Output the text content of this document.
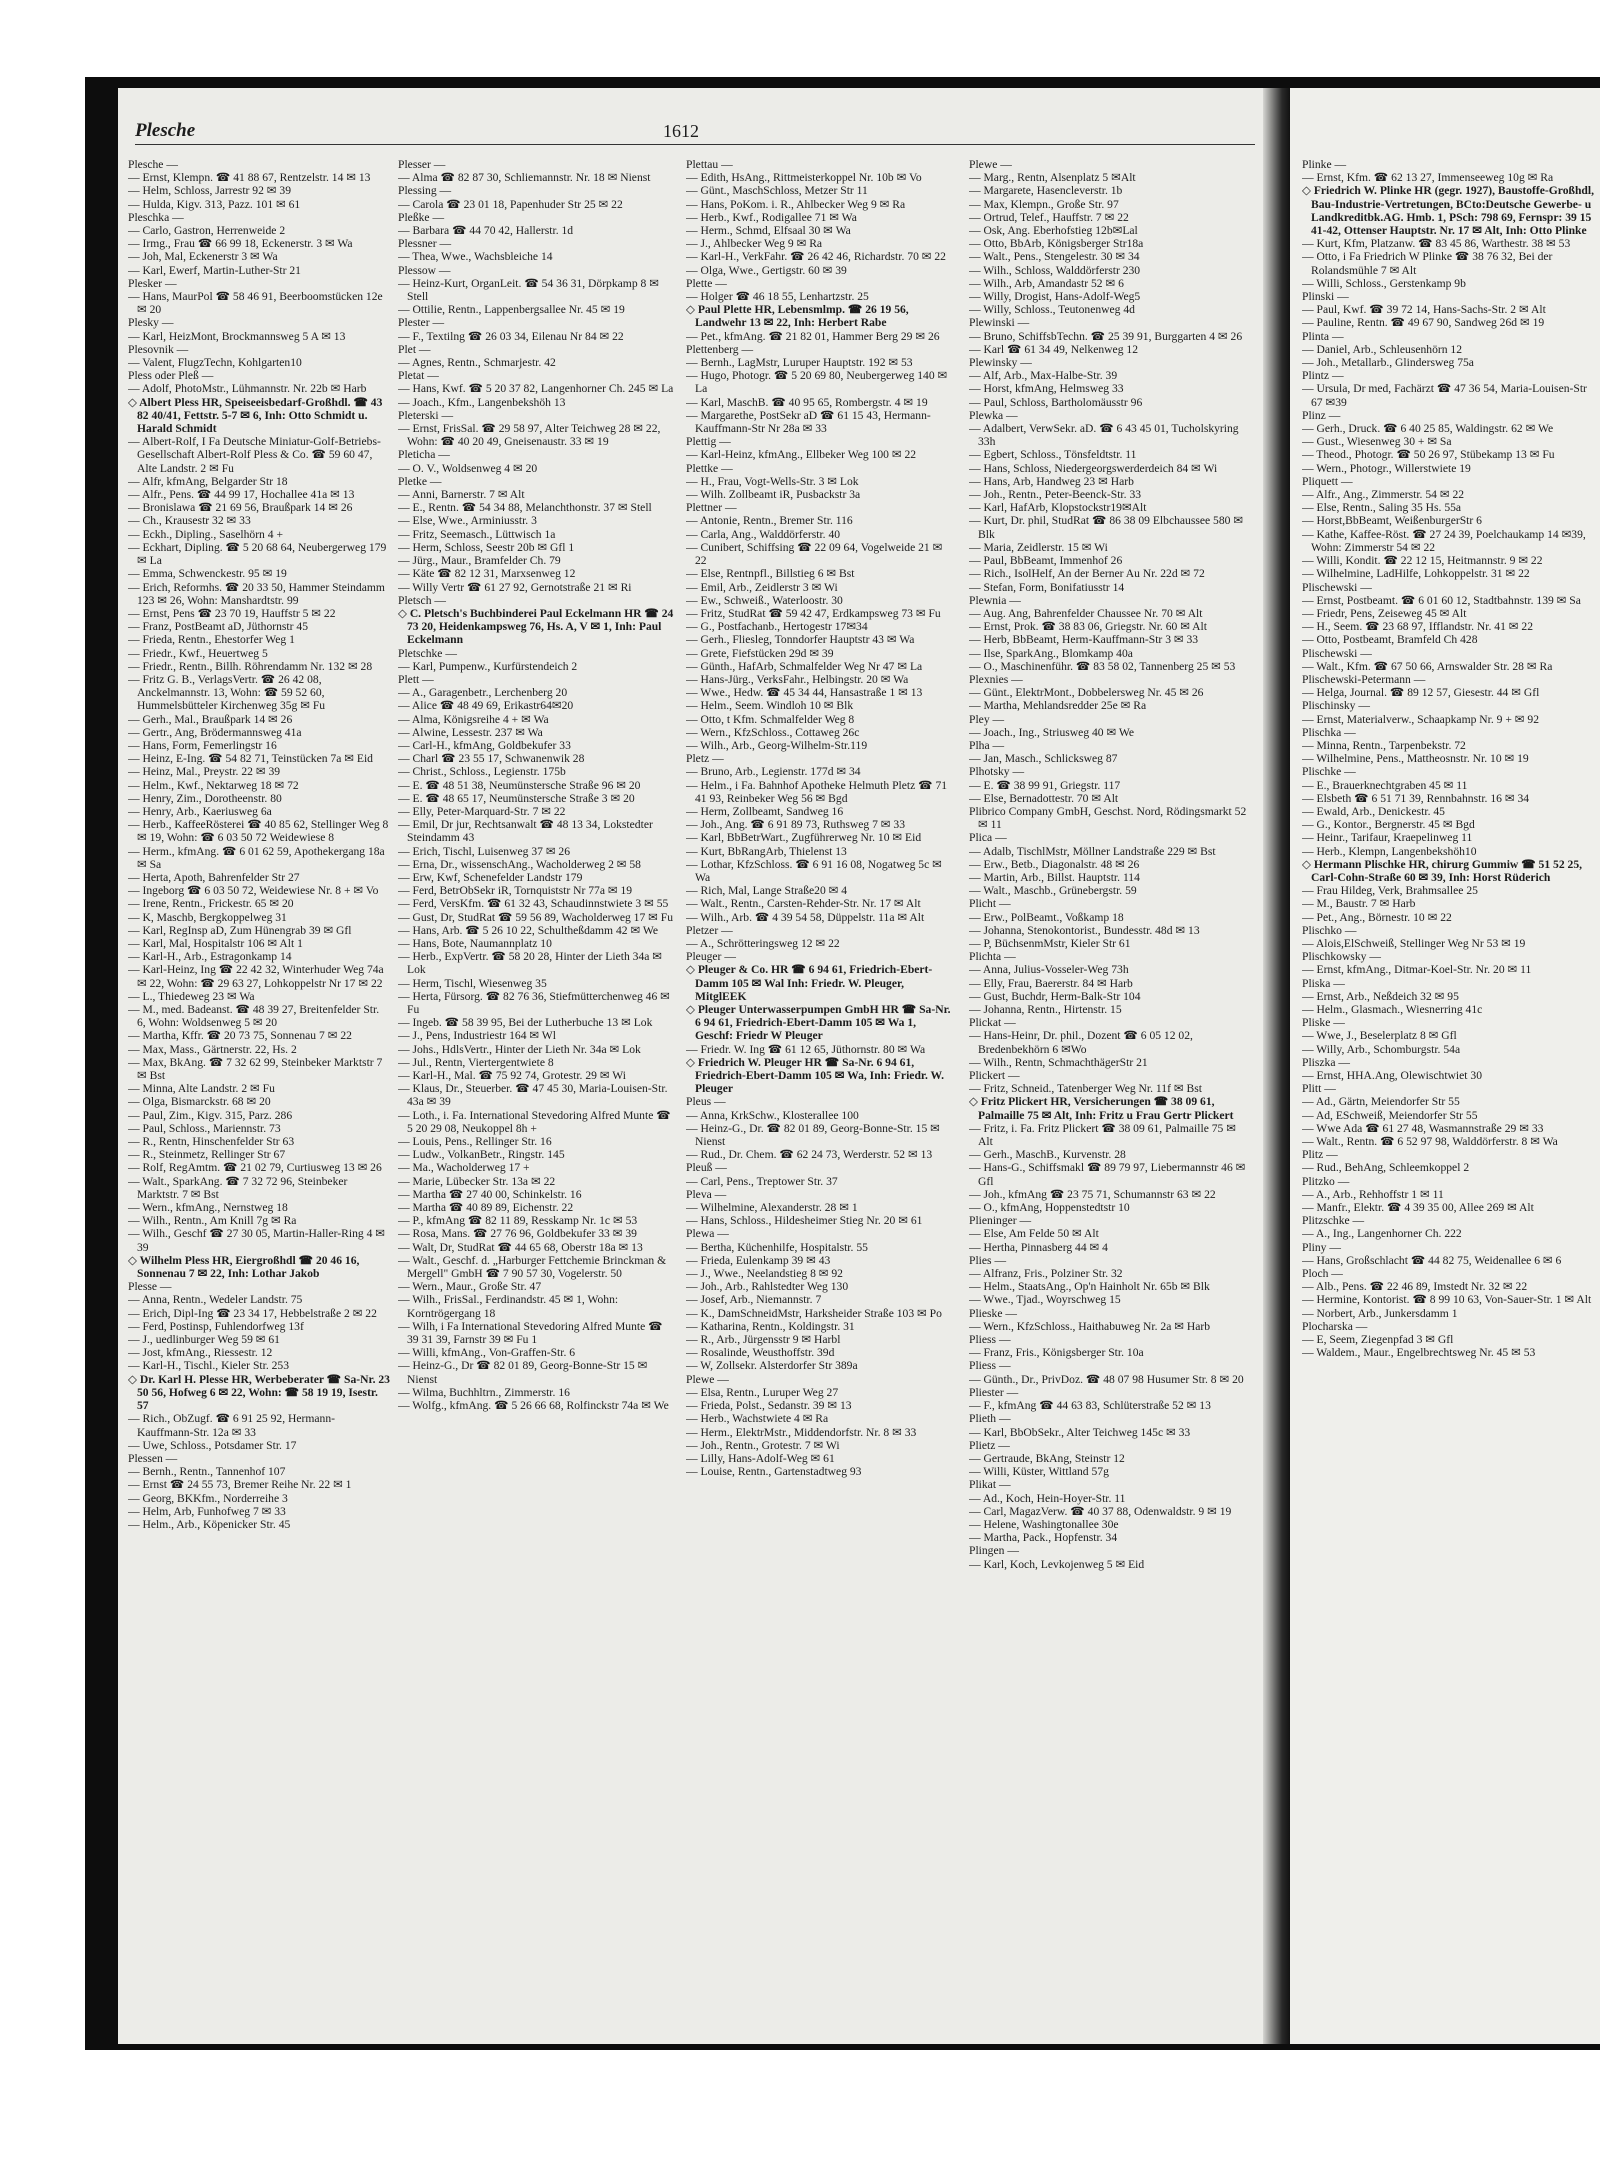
Plesche	1612
Plesche —
— Ernst, Klempn. ☎ 41 88 67, Rentzelstr. 14 ✉ 13
— Helm, Schloss, Jarrestr 92 ✉ 39
— Hulda, Kigv. 313, Pazz. 101 ✉ 61
Pleschka —
— Carlo, Gastron, Herrenweide 2
— Irmg., Frau ☎ 66 99 18, Eckenerstr. 3 ✉ Wa
— Joh, Mal, Eckenerstr 3 ✉ Wa
— Karl, Ewerf, Martin-Luther-Str 21
Plesker —
— Hans, MaurPol ☎ 58 46 91, Beerboomstücken 12e ✉ 20
Plesky —
— Karl, HeizMont, Brockmannsweg 5 A ✉ 13
Plesovnik —
— Valent, FlugzTechn, Kohlgarten10
Pless oder Pleß —
— Adolf, PhotoMstr., Lühmannstr. Nr. 22b ✉ Harb
◇ Albert Pless HR, Speiseeisbedarf-Großhdl. ☎ 43 82 40/41, Fettstr. 5-7 ✉ 6, Inh: Otto Schmidt u. Harald Schmidt
— Albert-Rolf, I Fa Deutsche Miniatur-Golf-Betriebs-Gesellschaft Albert-Rolf Pless & Co. ☎ 59 60 47, Alte Landstr. 2 ✉ Fu
— Alfr, kfmAng, Belgarder Str 18
— Alfr., Pens. ☎ 44 99 17, Hochallee 41a ✉ 13
— Bronislawa ☎ 21 69 56, Braußpark 14 ✉ 26
— Ch., Krausestr 32 ✉ 33
— Eckh., Dipling., Saselhörn 4 +
— Eckhart, Dipling. ☎ 5 20 68 64, Neubergerweg 179 ✉ La
— Emma, Schwenckestr. 95 ✉ 19
— Erich, Reformhs. ☎ 20 33 50, Hammer Steindamm 123 ✉ 26, Wohn: Manshardtstr. 99
— Ernst, Pens ☎ 23 70 19, Hauffstr 5 ✉ 22
— Franz, PostBeamt aD, Jüthornstr 45
— Frieda, Rentn., Ehestorfer Weg 1
— Friedr., Kwf., Heuertweg 5
— Friedr., Rentn., Billh. Röhrendamm Nr. 132 ✉ 28
— Fritz G. B., VerlagsVertr. ☎ 26 42 08, Anckelmannstr. 13, Wohn: ☎ 59 52 60, Hummelsbütteler Kirchenweg 35g ✉ Fu
— Gerh., Mal., Braußpark 14 ✉ 26
— Gertr., Ang, Brödermannsweg 41a
— Hans, Form, Femerlingstr 16
— Heinz, E-Ing. ☎ 54 82 71, Teinstücken 7a ✉ Eid
— Heinz, Mal., Preystr. 22 ✉ 39
— Helm., Kwf., Nektarweg 18 ✉ 72
— Henry, Zim., Dorotheenstr. 80
— Henry, Arb., Kaeriusweg 6a
— Herb., KaffeeRösterei ☎ 40 85 62, Stellinger Weg 8 ✉ 19, Wohn: ☎ 6 03 50 72 Weidewiese 8
— Herm., kfmAng. ☎ 6 01 62 59, Apothekergang 18a ✉ Sa
— Herta, Apoth, Bahrenfelder Str 27
— Ingeborg ☎ 6 03 50 72, Weidewiese Nr. 8 + ✉ Vo
— Irene, Rentn., Frickestr. 65 ✉ 20
— K, Maschb, Bergkoppelweg 31
— Karl, RegInsp aD, Zum Hünengrab 39 ✉ Gfl
— Karl, Mal, Hospitalstr 106 ✉ Alt 1
— Karl-H., Arb., Estragonkamp 14
— Karl-Heinz, Ing ☎ 22 42 32, Winterhuder Weg 74a ✉ 22, Wohn: ☎ 29 63 27, Lohkoppelstr Nr 17 ✉ 22
— L., Thiedeweg 23 ✉ Wa
— M., med. Badeanst. ☎ 48 39 27, Breitenfelder Str. 6, Wohn: Woldsenweg 5 ✉ 20
— Martha, Kffr. ☎ 20 73 75, Sonnenau 7 ✉ 22
— Max, Mass., Gärtnerstr. 22, Hs. 2
— Max, BkAng. ☎ 7 32 62 99, Steinbeker Marktstr 7 ✉ Bst
— Minna, Alte Landstr. 2 ✉ Fu
— Olga, Bismarckstr. 68 ✉ 20
— Paul, Zim., Kigv. 315, Parz. 286
— Paul, Schloss., Mariennstr. 73
— R., Rentn, Hinschenfelder Str 63
— R., Steinmetz, Rellinger Str 67
— Rolf, RegAmtm. ☎ 21 02 79, Curtiusweg 13 ✉ 26
— Walt., SparkAng. ☎ 7 32 72 96, Steinbeker Marktstr. 7 ✉ Bst
— Wern., kfmAng., Nernstweg 18
— Wilh., Rentn., Am Knill 7g ✉ Ra
— Wilh., Geschf ☎ 27 30 05, Martin-Haller-Ring 4 ✉ 39
◇ Wilhelm Pless HR, Eiergroßhdl ☎ 20 46 16, Sonnenau 7 ✉ 22, Inh: Lothar Jakob
Plesse —
— Anna, Rentn., Wedeler Landstr. 75
— Erich, Dipl-Ing ☎ 23 34 17, Hebbelstraße 2 ✉ 22
— Ferd, Postinsp, Fuhlendorfweg 13f
— J., uedlinburger Weg 59 ✉ 61
— Jost, kfmAng., Riessestr. 12
— Karl-H., Tischl., Kieler Str. 253
◇ Dr. Karl H. Plesse HR, Werbeberater ☎ Sa-Nr. 23 50 56, Hofweg 6 ✉ 22, Wohn: ☎ 58 19 19, Isestr. 57
— Rich., ObZugf. ☎ 6 91 25 92, Hermann-Kauffmann-Str. 12a ✉ 33
— Uwe, Schloss., Potsdamer Str. 17
Plessen —
— Bernh., Rentn., Tannenhof 107
— Ernst ☎ 24 55 73, Bremer Reihe Nr. 22 ✉ 1
— Georg, BKKfm., Norderreihe 3
— Helm, Arb, Funhofweg 7 ✉ 33
— Helm., Arb., Köpenicker Str. 45
Plesser —
— Alma ☎ 82 87 30, Schliemannstr. Nr. 18 ✉ Nienst
Plessing —
— Carola ☎ 23 01 18, Papenhuder Str 25 ✉ 22
Pleßke —
— Barbara ☎ 44 70 42, Hallerstr. 1d
Plessner —
— Thea, Wwe., Wachsbleiche 14
Plessow —
— Heinz-Kurt, OrganLeit. ☎ 54 36 31, Dörpkamp 8 ✉ Stell
— Ottilie, Rentn., Lappenbergsallee Nr. 45 ✉ 19
Plester —
— F., Textilng ☎ 26 03 34, Eilenau Nr 84 ✉ 22
Plet —
— Agnes, Rentn., Schmarjestr. 42
Pletat —
— Hans, Kwf. ☎ 5 20 37 82, Langenhorner Ch. 245 ✉ La
— Joach., Kfm., Langenbekshöh 13
Pleterski —
— Ernst, FrisSal. ☎ 29 58 97, Alter Teichweg 28 ✉ 22, Wohn: ☎ 40 20 49, Gneisenaustr. 33 ✉ 19
Pleticha —
— O. V., Woldsenweg 4 ✉ 20
Pletke —
— Anni, Barnerstr. 7 ✉ Alt
— E., Rentn. ☎ 54 34 88, Melanchthonstr. 37 ✉ Stell
— Else, Wwe., Arminiusstr. 3
— Fritz, Seemasch., Lüttwisch 1a
— Herm, Schloss, Seestr 20b ✉ Gfl 1
— Jürg., Maur., Bramfelder Ch. 79
— Käte ☎ 82 12 31, Marxsenweg 12
— Willy Vertr ☎ 61 27 92, Gernotstraße 21 ✉ Ri
Pletsch —
◇ C. Pletsch's Buchbinderei Paul Eckelmann HR ☎ 24 73 20, Heidenkampsweg 76, Hs. A, V ✉ 1, Inh: Paul Eckelmann
Pletschke —
— Karl, Pumpenw., Kurfürstendeich 2
Plett —
— A., Garagenbetr., Lerchenberg 20
— Alice ☎ 48 49 69, Erikastr64✉20
— Alma, Königsreihe 4 + ✉ Wa
— Alwine, Lessestr. 237 ✉ Wa
— Carl-H., kfmAng, Goldbekufer 33
— Charl ☎ 23 55 17, Schwanenwik 28
— Christ., Schloss., Legienstr. 175b
— E. ☎ 48 51 38, Neumünstersche Straße 96 ✉ 20
— E. ☎ 48 65 17, Neumünstersche Straße 3 ✉ 20
— Elly, Peter-Marquard-Str. 7 ✉ 22
— Emil, Dr jur, Rechtsanwalt ☎ 48 13 34, Lokstedter Steindamm 43
— Erich, Tischl, Luisenweg 37 ✉ 26
— Erna, Dr., wissenschAng., Wacholderweg 2 ✉ 58
— Erw, Kwf, Schenefelder Landstr 179
— Ferd, BetrObSekr iR, Tornquiststr Nr 77a ✉ 19
— Ferd, VersKfm. ☎ 61 32 43, Schaudinnstwiete 3 ✉ 55
— Gust, Dr, StudRat ☎ 59 56 89, Wacholderweg 17 ✉ Fu
— Hans, Arb. ☎ 5 26 10 22, Schultheßdamm 42 ✉ We
— Hans, Bote, Naumannplatz 10
— Herb., ExpVertr. ☎ 58 20 28, Hinter der Lieth 34a ✉ Lok
— Herm, Tischl, Wiesenweg 35
— Herta, Fürsorg. ☎ 82 76 36, Stiefmütterchenweg 46 ✉ Fu
— Ingeb. ☎ 58 39 95, Bei der Lutherbuche 13 ✉ Lok
— J., Pens, Industriestr 164 ✉ Wl
— Johs., HdlsVertr., Hinter der Lieth Nr. 34a ✉ Lok
— Jul., Rentn, Viertergentwiete 8
— Karl-H., Mal. ☎ 75 92 74, Grotestr. 29 ✉ Wi
— Klaus, Dr., Steuerber. ☎ 47 45 30, Maria-Louisen-Str. 43a ✉ 39
— Loth., i. Fa. International Stevedoring Alfred Munte ☎ 5 20 29 08, Neukoppel 8h +
— Louis, Pens., Rellinger Str. 16
— Ludw., VolkanBetr., Ringstr. 145
— Ma., Wacholderweg 17 +
— Marie, Lübecker Str. 13a ✉ 22
— Martha ☎ 27 40 00, Schinkelstr. 16
— Martha ☎ 40 89 89, Eichenstr. 22
— P., kfmAng ☎ 82 11 89, Resskamp Nr. 1c ✉ 53
— Rosa, Mans. ☎ 27 76 96, Goldbekufer 33 ✉ 39
— Walt, Dr, StudRat ☎ 44 65 68, Oberstr 18a ✉ 13
— Walt., Geschf. d. „Harburger Fettchemie Brinckman & Mergell" GmbH ☎ 7 90 57 30, Vogelerstr. 50
— Wern., Maur., Große Str. 47
— Wilh., FrisSal., Ferdinandstr. 45 ✉ 1, Wohn: Korntrögergang 18
— Wilh, i Fa International Stevedoring Alfred Munte ☎ 39 31 39, Farnstr 39 ✉ Fu 1
— Willi, kfmAng., Von-Graffen-Str. 6
— Heinz-G., Dr ☎ 82 01 89, Georg-Bonne-Str 15 ✉ Nienst
— Wilma, Buchhltrn., Zimmerstr. 16
— Wolfg., kfmAng. ☎ 5 26 66 68, Rolfinckstr 74a ✉ We
Plettau —
— Edith, HsAng., Rittmeisterkoppel Nr. 10b ✉ Vo
— Günt., MaschSchloss, Metzer Str 11
— Hans, PoKom. i. R., Ahlbecker Weg 9 ✉ Ra
— Herb., Kwf., Rodigallee 71 ✉ Wa
— Herm., Schmd, Elfsaal 30 ✉ Wa
— J., Ahlbecker Weg 9 ✉ Ra
— Karl-H., VerkFahr. ☎ 26 42 46, Richardstr. 70 ✉ 22
— Olga, Wwe., Gertigstr. 60 ✉ 39
Plette —
— Holger ☎ 46 18 55, Lenhartzstr. 25
◇ Paul Plette HR, Lebensmlmp. ☎ 26 19 56, Landwehr 13 ✉ 22, Inh: Herbert Rabe
— Pet., kfmAng. ☎ 21 82 01, Hammer Berg 29 ✉ 26
Plettenberg —
— Bernh., LagMstr, Luruper Hauptstr. 192 ✉ 53
— Hugo, Photogr. ☎ 5 20 69 80, Neubergerweg 140 ✉ La
— Karl, MaschB. ☎ 40 95 65, Rombergstr. 4 ✉ 19
— Margarethe, PostSekr aD ☎ 61 15 43, Hermann-Kauffmann-Str Nr 28a ✉ 33
Plettig —
— Karl-Heinz, kfmAng., Ellbeker Weg 100 ✉ 22
Plettke —
— H., Frau, Vogt-Wells-Str. 3 ✉ Lok
— Wilh. Zollbeamt iR, Pusbackstr 3a
Plettner —
— Antonie, Rentn., Bremer Str. 116
— Carla, Ang., Walddörferstr. 40
— Cunibert, Schiffsing ☎ 22 09 64, Vogelweide 21 ✉ 22
— Else, Rentnpfl., Billstieg 6 ✉ Bst
— Emil, Arb., Zeidlerstr 3 ✉ Wi
— Ew., Schweiß., Waterloostr. 30
— Fritz, StudRat ☎ 59 42 47, Erdkampsweg 73 ✉ Fu
— G., Postfachanb., Hertogestr 17✉34
— Gerh., Fliesleg, Tonndorfer Hauptstr 43 ✉ Wa
— Grete, Fiefstücken 29d ✉ 39
— Günth., HafArb, Schmalfelder Weg Nr 47 ✉ La
— Hans-Jürg., VerksFahr., Helbingstr. 20 ✉ Wa
— Wwe., Hedw. ☎ 45 34 44, Hansastraße 1 ✉ 13
— Helm., Seem. Windloh 10 ✉ Blk
— Otto, t Kfm. Schmalfelder Weg 8
— Wern., KfzSchloss., Cottaweg 26c
— Wilh., Arb., Georg-Wilhelm-Str.119
Pletz —
— Bruno, Arb., Legienstr. 177d ✉ 34
— Helm., i Fa. Bahnhof Apotheke Helmuth Pletz ☎ 71 41 93, Reinbeker Weg 56 ✉ Bgd
— Herm, Zollbeamt, Sandweg 16
— Joh., Ang. ☎ 6 91 89 73, Ruthsweg 7 ✉ 33
— Karl, BbBetrWart., Zugführerweg Nr. 10 ✉ Eid
— Kurt, BbRangArb, Thielenst 13
— Lothar, KfzSchloss. ☎ 6 91 16 08, Nogatweg 5c ✉ Wa
— Rich, Mal, Lange Straße20 ✉ 4
— Walt., Rentn., Carsten-Rehder-Str. Nr. 17 ✉ Alt
— Wilh., Arb. ☎ 4 39 54 58, Düppelstr. 11a ✉ Alt
Pletzer —
— A., Schrötteringsweg 12 ✉ 22
Pleuger —
◇ Pleuger & Co. HR ☎ 6 94 61, Friedrich-Ebert-Damm 105 ✉ Wal Inh: Friedr. W. Pleuger, MitglEEK
◇ Pleuger Unterwasserpumpen GmbH HR ☎ Sa-Nr. 6 94 61, Friedrich-Ebert-Damm 105 ✉ Wa 1, Geschf: Friedr W Pleuger
— Friedr. W. Ing ☎ 61 12 65, Jüthornstr. 80 ✉ Wa
◇ Friedrich W. Pleuger HR ☎ Sa-Nr. 6 94 61, Friedrich-Ebert-Damm 105 ✉ Wa, Inh: Friedr. W. Pleuger
Pleus —
— Anna, KrkSchw., Klosterallee 100
— Heinz-G., Dr. ☎ 82 01 89, Georg-Bonne-Str. 15 ✉ Nienst
— Rud., Dr. Chem. ☎ 62 24 73, Werderstr. 52 ✉ 13
Pleuß —
— Carl, Pens., Treptower Str. 37
Pleva —
— Wilhelmine, Alexanderstr. 28 ✉ 1
— Hans, Schloss., Hildesheimer Stieg Nr. 20 ✉ 61
Plewa —
— Bertha, Küchenhilfe, Hospitalstr. 55
— Frieda, Eulenkamp 39 ✉ 43
— J., Wwe., Neelandstieg 8 ✉ 92
— Joh., Arb., Rahlstedter Weg 130
— Josef, Arb., Niemannstr. 7
— K., DamSchneidMstr, Harksheider Straße 103 ✉ Po
— Katharina, Rentn., Koldingstr. 31
— R., Arb., Jürgensstr 9 ✉ Harbl
— Rosalinde, Weusthoffstr. 39d
— W, Zollsekr. Alsterdorfer Str 389a
Plewe —
— Elsa, Rentn., Luruper Weg 27
— Frieda, Polst., Sedanstr. 39 ✉ 13
— Herb., Wachstwiete 4 ✉ Ra
— Herm., ElektrMstr., Middendorfstr. Nr. 8 ✉ 33
— Joh., Rentn., Grotestr. 7 ✉ Wi
— Lilly, Hans-Adolf-Weg ✉ 61
— Louise, Rentn., Gartenstadtweg 93
Plewe —
— Marg., Rentn, Alsenplatz 5 ✉Alt
— Margarete, Hasencleverstr. 1b
— Max, Klempn., Große Str. 97
— Ortrud, Telef., Hauffstr. 7 ✉ 22
— Osk, Ang. Eberhofstieg 12b✉Lal
— Otto, BbArb, Königsberger Str18a
— Walt., Pens., Stengelestr. 30 ✉ 34
— Wilh., Schloss, Walddörferstr 230
— Wilh., Arb, Amandastr 52 ✉ 6
— Willy, Drogist, Hans-Adolf-Weg5
— Willy, Schloss., Teutonenweg 4d
Plewinski —
— Bruno, SchiffsbTechn. ☎ 25 39 91, Burggarten 4 ✉ 26
— Karl ☎ 61 34 49, Nelkenweg 12
Plewinsky —
— Alf, Arb., Max-Halbe-Str. 39
— Horst, kfmAng, Helmsweg 33
— Paul, Schloss, Bartholomäusstr 96
Plewka —
— Adalbert, VerwSekr. aD. ☎ 6 43 45 01, Tucholskyring 33h
— Egbert, Schloss., Tönsfeldtstr. 11
— Hans, Schloss, Niedergeorgswerderdeich 84 ✉ Wi
— Hans, Arb, Handweg 23 ✉ Harb
— Joh., Rentn., Peter-Beenck-Str. 33
— Karl, HafArb, Klopstockstr19✉Alt
— Kurt, Dr. phil, StudRat ☎ 86 38 09 Elbchaussee 580 ✉ Blk
— Maria, Zeidlerstr. 15 ✉ Wi
— Paul, BbBeamt, Immenhof 26
— Rich., IsolHelf, An der Berner Au Nr. 22d ✉ 72
— Stefan, Form, Bonifatiusstr 14
Plewnia —
— Aug. Ang, Bahrenfelder Chaussee Nr. 70 ✉ Alt
— Ernst, Prok. ☎ 38 83 06, Griegstr. Nr. 60 ✉ Alt
— Herb, BbBeamt, Herm-Kauffmann-Str 3 ✉ 33
— Ilse, SparkAng., Blomkamp 40a
— O., Maschinenführ. ☎ 83 58 02, Tannenberg 25 ✉ 53
Plexnies —
— Günt., ElektrMont., Dobbelersweg Nr. 45 ✉ 26
— Martha, Mehlandsredder 25e ✉ Ra
Pley —
— Joach., Ing., Striusweg 40 ✉ We
Plha —
— Jan, Masch., Schlicksweg 87
Plhotsky —
— E. ☎ 38 99 91, Griegstr. 117
— Else, Bernadottestr. 70 ✉ Alt
Plibrico Company GmbH, Geschst. Nord, Rödingsmarkt 52 ✉ 11
Plica —
— Adalb, TischlMstr, Möllner Landstraße 229 ✉ Bst
— Erw., Betb., Diagonalstr. 48 ✉ 26
— Martin, Arb., Billst. Hauptstr. 114
— Walt., Maschb., Grünebergstr. 59
Plicht —
— Erw., PolBeamt., Voßkamp 18
— Johanna, Stenokontorist., Bundesstr. 48d ✉ 13
— P, BüchsenmMstr, Kieler Str 61
Plichta —
— Anna, Julius-Vosseler-Weg 73h
— Elly, Frau, Baererstr. 84 ✉ Harb
— Gust, Buchdr, Herm-Balk-Str 104
— Johanna, Rentn., Hirtenstr. 15
Plickat —
— Hans-Heinr, Dr. phil., Dozent ☎ 6 05 12 02, Bredenbekhörn 6 ✉Wo
— Wilh., Rentn, SchmachthägerStr 21
Plickert —
— Fritz, Schneid., Tatenberger Weg Nr. 11f ✉ Bst
◇ Fritz Plickert HR, Versicherungen ☎ 38 09 61, Palmaille 75 ✉ Alt, Inh: Fritz u Frau Gertr Plickert
— Fritz, i. Fa. Fritz Plickert ☎ 38 09 61, Palmaille 75 ✉ Alt
— Gerh., MaschB., Kurvenstr. 28
— Hans-G., Schiffsmakl ☎ 89 79 97, Liebermannstr 46 ✉ Gfl
— Joh., kfmAng ☎ 23 75 71, Schumannstr 63 ✉ 22
— O., kfmAng, Hoppenstedtstr 10
Plieninger —
— Else, Am Felde 50 ✉ Alt
— Hertha, Pinnasberg 44 ✉ 4
Plies —
— Alfranz, Fris., Polziner Str. 32
— Helm., StaatsAng., Op'n Hainholt Nr. 65b ✉ Blk
— Wwe., Tjad., Woyrschweg 15
Plieske —
— Wern., KfzSchloss., Haithabuweg Nr. 2a ✉ Harb
Pliess —
— Franz, Fris., Königsberger Str. 10a
Pliess —
— Günth., Dr., PrivDoz. ☎ 48 07 98 Husumer Str. 8 ✉ 20
Pliester —
— F., kfmAng ☎ 44 63 83, Schlüterstraße 52 ✉ 13
Plieth —
— Karl, BbObSekr., Alter Teichweg 145c ✉ 33
Plietz —
— Gertraude, BkAng, Steinstr 12
— Willi, Küster, Wittland 57g
Plikat —
— Ad., Koch, Hein-Hoyer-Str. 11
— Carl, MagazVerw. ☎ 40 37 88, Odenwaldstr. 9 ✉ 19
— Helene, Washingtonallee 30e
— Martha, Pack., Hopfenstr. 34
Plingen —
— Karl, Koch, Levkojenweg 5 ✉ Eid
Plinke —
— Ernst, Kfm. ☎ 62 13 27, Immenseeweg 10g ✉ Ra
◇ Friedrich W. Plinke HR (gegr. 1927), Baustoffe-Großhdl, Bau-Industrie-Vertretungen, BCto:Deutsche Gewerbe- u Landkreditbk.AG. Hmb. 1, PSch: 798 69, Fernspr: 39 15 41-42, Ottenser Hauptstr. Nr. 17 ✉ Alt, Inh: Otto Plinke
— Kurt, Kfm, Platzanw. ☎ 83 45 86, Warthestr. 38 ✉ 53
— Otto, i Fa Friedrich W Plinke ☎ 38 76 32, Bei der Rolandsmühle 7 ✉ Alt
— Willi, Schloss., Gerstenkamp 9b
Plinski —
— Paul, Kwf. ☎ 39 72 14, Hans-Sachs-Str. 2 ✉ Alt
— Pauline, Rentn. ☎ 49 67 90, Sandweg 26d ✉ 19
Plinta —
— Daniel, Arb., Schleusenhörn 12
— Joh., Metallarb., Glindersweg 75a
Plintz —
— Ursula, Dr med, Fachärzt ☎ 47 36 54, Maria-Louisen-Str 67 ✉39
Plinz —
— Gerh., Druck. ☎ 6 40 25 85, Waldingstr. 62 ✉ We
— Gust., Wiesenweg 30 + ✉ Sa
— Theod., Photogr. ☎ 50 26 97, Stübekamp 13 ✉ Fu
— Wern., Photogr., Willerstwiete 19
Pliquett —
— Alfr., Ang., Zimmerstr. 54 ✉ 22
— Else, Rentn., Saling 35 Hs. 55a
— Horst,BbBeamt, WeißenburgerStr 6
— Kathe, Kaffee-Röst. ☎ 27 24 39, Poelchaukamp 14 ✉39, Wohn: Zimmerstr 54 ✉ 22
— Willi, Kondit. ☎ 22 12 15, Heitmannstr. 9 ✉ 22
— Wilhelmine, LadHilfe, Lohkoppelstr. 31 ✉ 22
Plischewski —
— Ernst, Postbeamt. ☎ 6 01 60 12, Stadtbahnstr. 139 ✉ Sa
— Friedr, Pens, Zeiseweg 45 ✉ Alt
— H., Seem. ☎ 23 68 97, Ifflandstr. Nr. 41 ✉ 22
— Otto, Postbeamt, Bramfeld Ch 428
Plischewski —
— Walt., Kfm. ☎ 67 50 66, Arnswalder Str. 28 ✉ Ra
Plischewski-Petermann —
— Helga, Journal. ☎ 89 12 57, Giesestr. 44 ✉ Gfl
Plischinsky —
— Ernst, Materialverw., Schaapkamp Nr. 9 + ✉ 92
Plischka —
— Minna, Rentn., Tarpenbekstr. 72
— Wilhelmine, Pens., Mattheosnstr. Nr. 10 ✉ 19
Plischke —
— E., Brauerknechtgraben 45 ✉ 11
— Elsbeth ☎ 6 51 71 39, Rennbahnstr. 16 ✉ 34
— Ewald, Arb., Denickestr. 45
— G., Kontor., Bergnerstr. 45 ✉ Bgd
— Heinr., Tarifaur, Kraepelinweg 11
— Herb., Klempn, Langenbekshöh10
◇ Hermann Plischke HR, chirurg Gummiw ☎ 51 52 25, Carl-Cohn-Straße 60 ✉ 39, Inh: Horst Rüderich
— Frau Hildeg, Verk, Brahmsallee 25
— M., Baustr. 7 ✉ Harb
— Pet., Ang., Börnestr. 10 ✉ 22
Plischko —
— Alois,ElSchweiß, Stellinger Weg Nr 53 ✉ 19
Plischkowsky —
— Ernst, kfmAng., Ditmar-Koel-Str. Nr. 20 ✉ 11
Pliska —
— Ernst, Arb., Neßdeich 32 ✉ 95
— Helm., Glasmach., Wiesnerring 41c
Pliske —
— Wwe, J., Beselerplatz 8 ✉ Gfl
— Willy, Arb., Schomburgstr. 54a
Pliszka —
— Ernst, HHA.Ang, Olewischtwiet 30
Plitt —
— Ad., Gärtn, Meiendorfer Str 55
— Ad, ESchweiß, Meiendorfer Str 55
— Wwe Ada ☎ 61 27 48, Wasmannstraße 29 ✉ 33
— Walt., Rentn. ☎ 6 52 97 98, Walddörferstr. 8 ✉ Wa
Plitz —
— Rud., BehAng, Schleemkoppel 2
Plitzko —
— A., Arb., Rehhoffstr 1 ✉ 11
— Manfr., Elektr. ☎ 4 39 35 00, Allee 269 ✉ Alt
Plitzschke —
— A., Ing., Langenhorner Ch. 222
Pliny —
— Hans, Großschlacht ☎ 44 82 75, Weidenallee 6 ✉ 6
Ploch —
— Alb., Pens. ☎ 22 46 89, Imstedt Nr. 32 ✉ 22
— Hermine, Kontorist. ☎ 8 99 10 63, Von-Sauer-Str. 1 ✉ Alt
— Norbert, Arb., Junkersdamm 1
Plocharska —
— E, Seem, Ziegenpfad 3 ✉ Gfl
— Waldem., Maur., Engelbrechtsweg Nr. 45 ✉ 53
